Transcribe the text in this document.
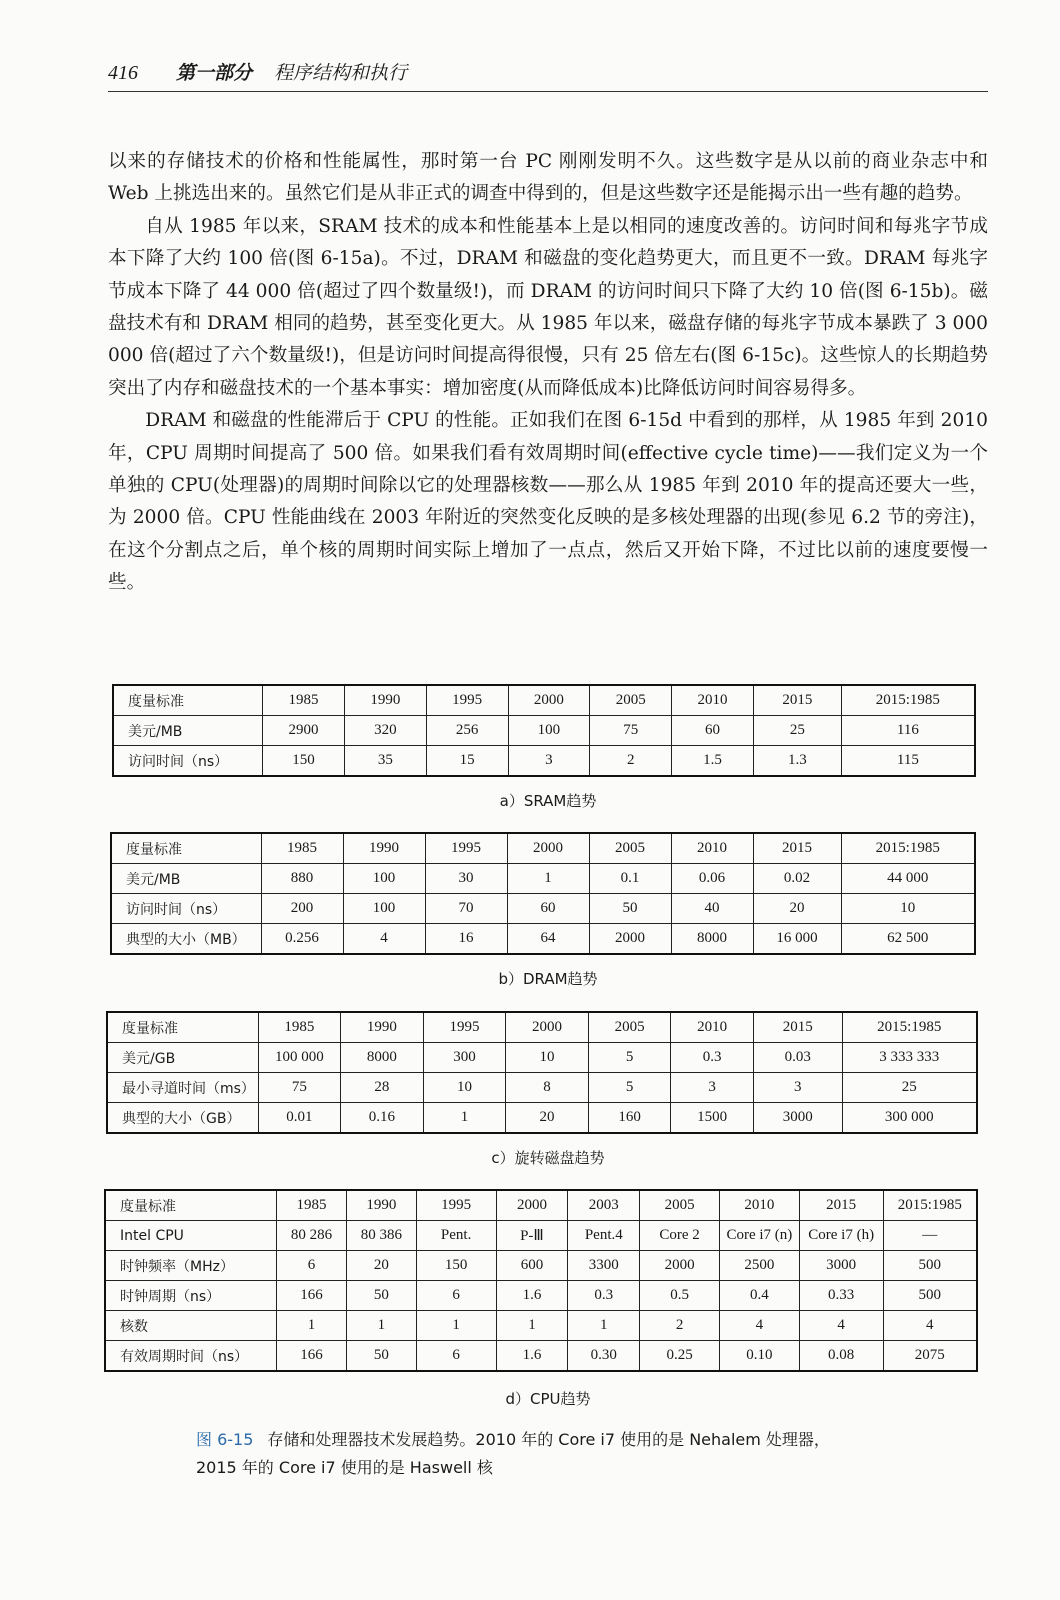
416 第一部分 程序结构和执行

以来的存储技术的价格和性能属性，那时第一台 PC 刚刚发明不久。这些数字是从以前的商业杂志中和 Web 上挑选出来的。虽然它们是从非正式的调查中得到的，但是这些数字还是能揭示出一些有趣的趋势。

自从 1985 年以来，SRAM 技术的成本和性能基本上是以相同的速度改善的。访问时间和每兆字节成本下降了大约 100 倍(图 6-15a)。不过，DRAM 和磁盘的变化趋势更大，而且更不一致。DRAM 每兆字节成本下降了 44 000 倍(超过了四个数量级!)，而 DRAM 的访问时间只下降了大约 10 倍(图 6-15b)。磁盘技术有和 DRAM 相同的趋势，甚至变化更大。从 1985 年以来，磁盘存储的每兆字节成本暴跌了 3 000 000 倍(超过了六个数量级!)，但是访问时间提高得很慢，只有 25 倍左右(图 6-15c)。这些惊人的长期趋势突出了内存和磁盘技术的一个基本事实：增加密度(从而降低成本)比降低访问时间容易得多。

DRAM 和磁盘的性能滞后于 CPU 的性能。正如我们在图 6-15d 中看到的那样，从 1985 年到 2010 年，CPU 周期时间提高了 500 倍。如果我们看有效周期时间(effective cycle time)——我们定义为一个单独的 CPU(处理器)的周期时间除以它的处理器核数——那么从 1985 年到 2010 年的提高还要大一些，为 2000 倍。CPU 性能曲线在 2003 年附近的突然变化反映的是多核处理器的出现(参见 6.2 节的旁注)，在这个分割点之后，单个核的周期时间实际上增加了一点点，然后又开始下降，不过比以前的速度要慢一些。

度量标准	1985	1990	1995	2000	2005	2010	2015	2015:1985
美元/MB	2900	320	256	100	75	60	25	116
访问时间（ns）	150	35	15	3	2	1.5	1.3	115
a）SRAM趋势
度量标准	1985	1990	1995	2000	2005	2010	2015	2015:1985
美元/MB	880	100	30	1	0.1	0.06	0.02	44 000
访问时间（ns）	200	100	70	60	50	40	20	10
典型的大小（MB）	0.256	4	16	64	2000	8000	16 000	62 500
b）DRAM趋势
度量标准	1985	1990	1995	2000	2005	2010	2015	2015:1985
美元/GB	100 000	8000	300	10	5	0.3	0.03	3 333 333
最小寻道时间（ms）	75	28	10	8	5	3	3	25
典型的大小（GB）	0.01	0.16	1	20	160	1500	3000	300 000
c）旋转磁盘趋势
度量标准	1985	1990	1995	2000	2003	2005	2010	2015	2015:1985
Intel CPU	80 286	80 386	Pent.	P-Ⅲ	Pent.4	Core 2	Core i7 (n)	Core i7 (h)	—
时钟频率（MHz）	6	20	150	600	3300	2000	2500	3000	500
时钟周期（ns）	166	50	6	1.6	0.3	0.5	0.4	0.33	500
核数	1	1	1	1	1	2	4	4	4
有效周期时间（ns）	166	50	6	1.6	0.30	0.25	0.10	0.08	2075
d）CPU趋势
图 6-15 存储和处理器技术发展趋势。2010 年的 Core i7 使用的是 Nehalem 处理器，
2015 年的 Core i7 使用的是 Haswell 核
